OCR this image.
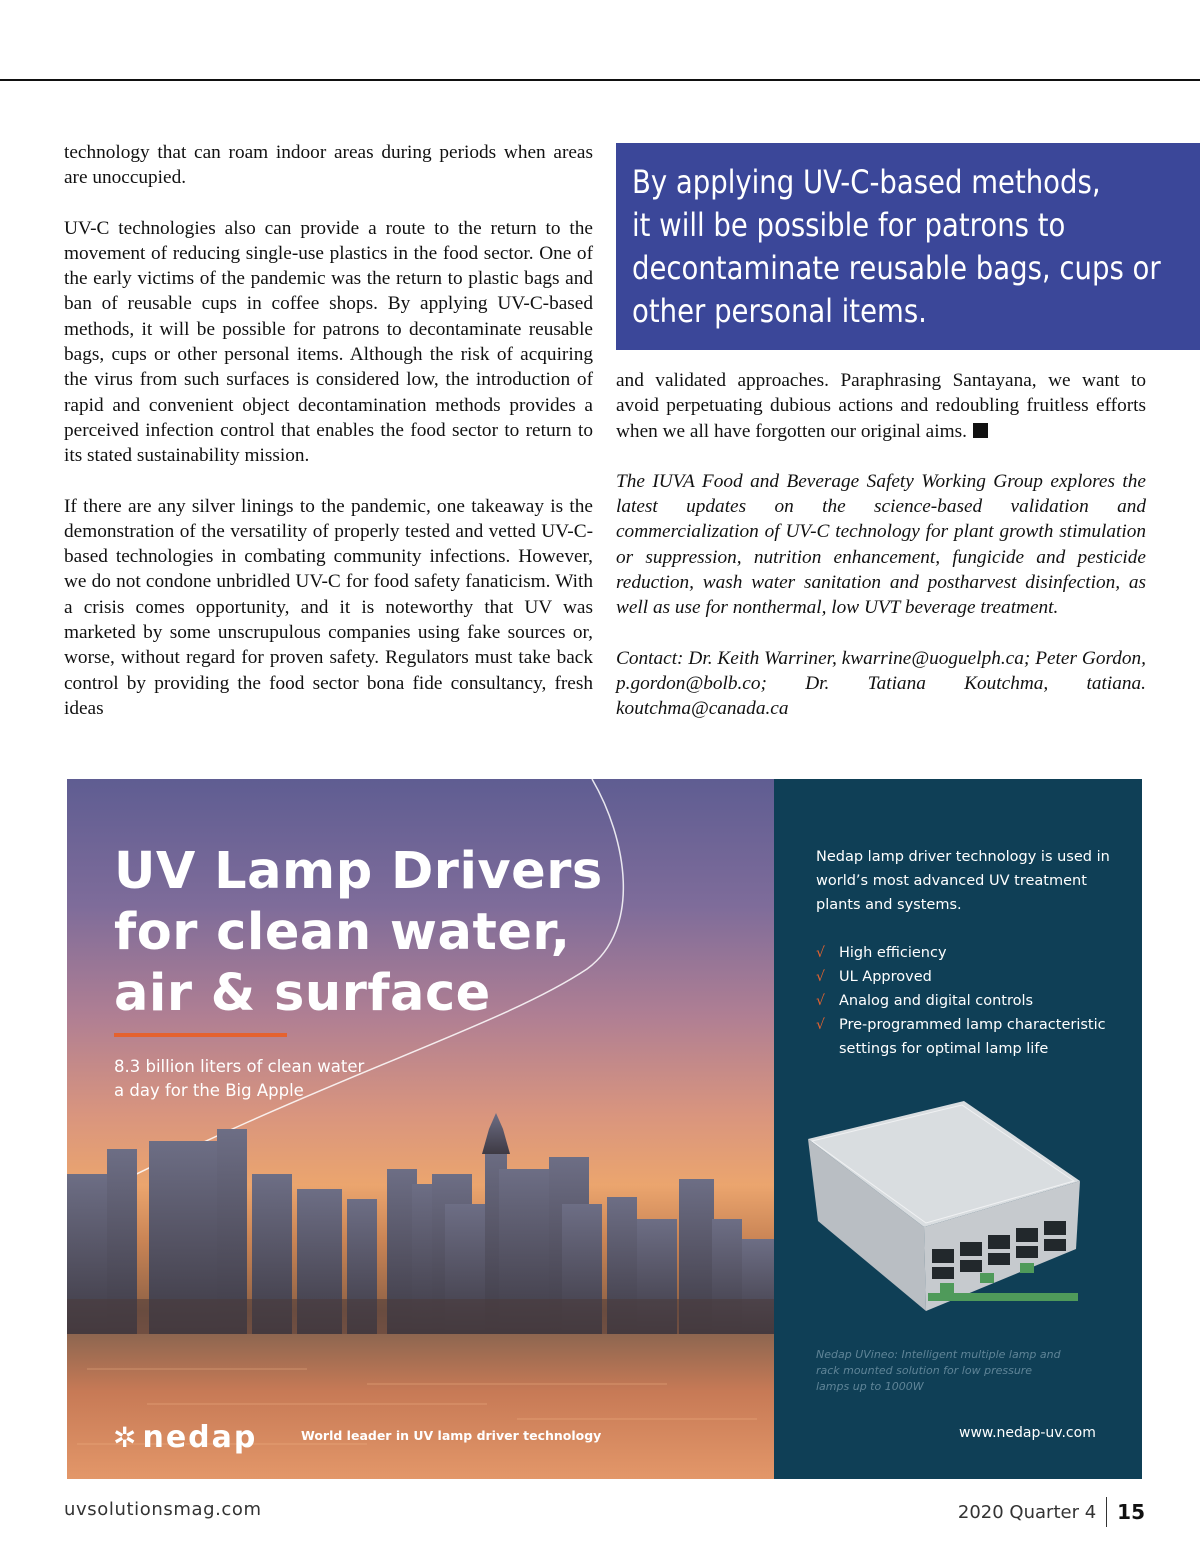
technology that can roam indoor areas during periods when areas are unoccupied.

UV-C technologies also can provide a route to the return to the movement of reducing single-use plastics in the food sector. One of the early victims of the pandemic was the return to plastic bags and ban of reusable cups in coffee shops. By applying UV-C-based methods, it will be possible for patrons to decontaminate reusable bags, cups or other personal items. Although the risk of acquiring the virus from such surfaces is considered low, the introduction of rapid and convenient object decontamination methods provides a perceived infection control that enables the food sector to return to its stated sustainability mission.

If there are any silver linings to the pandemic, one takeaway is the demonstration of the versatility of properly tested and vetted UV-C-based technologies in combating community infections. However, we do not condone unbridled UV-C for food safety fanaticism. With a crisis comes opportunity, and it is noteworthy that UV was marketed by some unscrupulous companies using fake sources or, worse, without regard for proven safety. Regulators must take back control by providing the food sector bona fide consultancy, fresh ideas

By applying UV-C-based methods,
it will be possible for patrons to
decontaminate reusable bags, cups or
other personal items.

and validated approaches. Paraphrasing Santayana, we want to avoid perpetuating dubious actions and redoubling fruitless efforts when we all have forgotten our original aims.

The IUVA Food and Beverage Safety Working Group explores the latest updates on the science-based validation and commercialization of UV-C technology for plant growth stimulation or suppression, nutrition enhancement, fungicide and pesticide reduction, wash water sanitation and postharvest disinfection, as well as use for nonthermal, low UVT beverage treatment.

Contact: Dr. Keith Warriner, kwarrine@uoguelph.ca; Peter Gordon, p.gordon@bolb.co; Dr. Tatiana Koutchma, tatiana. koutchma@canada.ca

UV Lamp Drivers
for clean water,
air & surface
8.3 billion liters of clean water a day for the Big Apple
✲ nedap	World leader in UV lamp driver technology
Nedap lamp driver technology is used in world’s most advanced UV treatment plants and systems.
√ High efficiency
√ UL Approved
√ Analog and digital controls
√ Pre-programmed lamp characteristic settings for optimal lamp life
Nedap UVineo: Intelligent multiple lamp and rack mounted solution for low pressure lamps up to 1000W
www.nedap-uv.com
uvsolutionsmag.com	2020 Quarter 4 15
